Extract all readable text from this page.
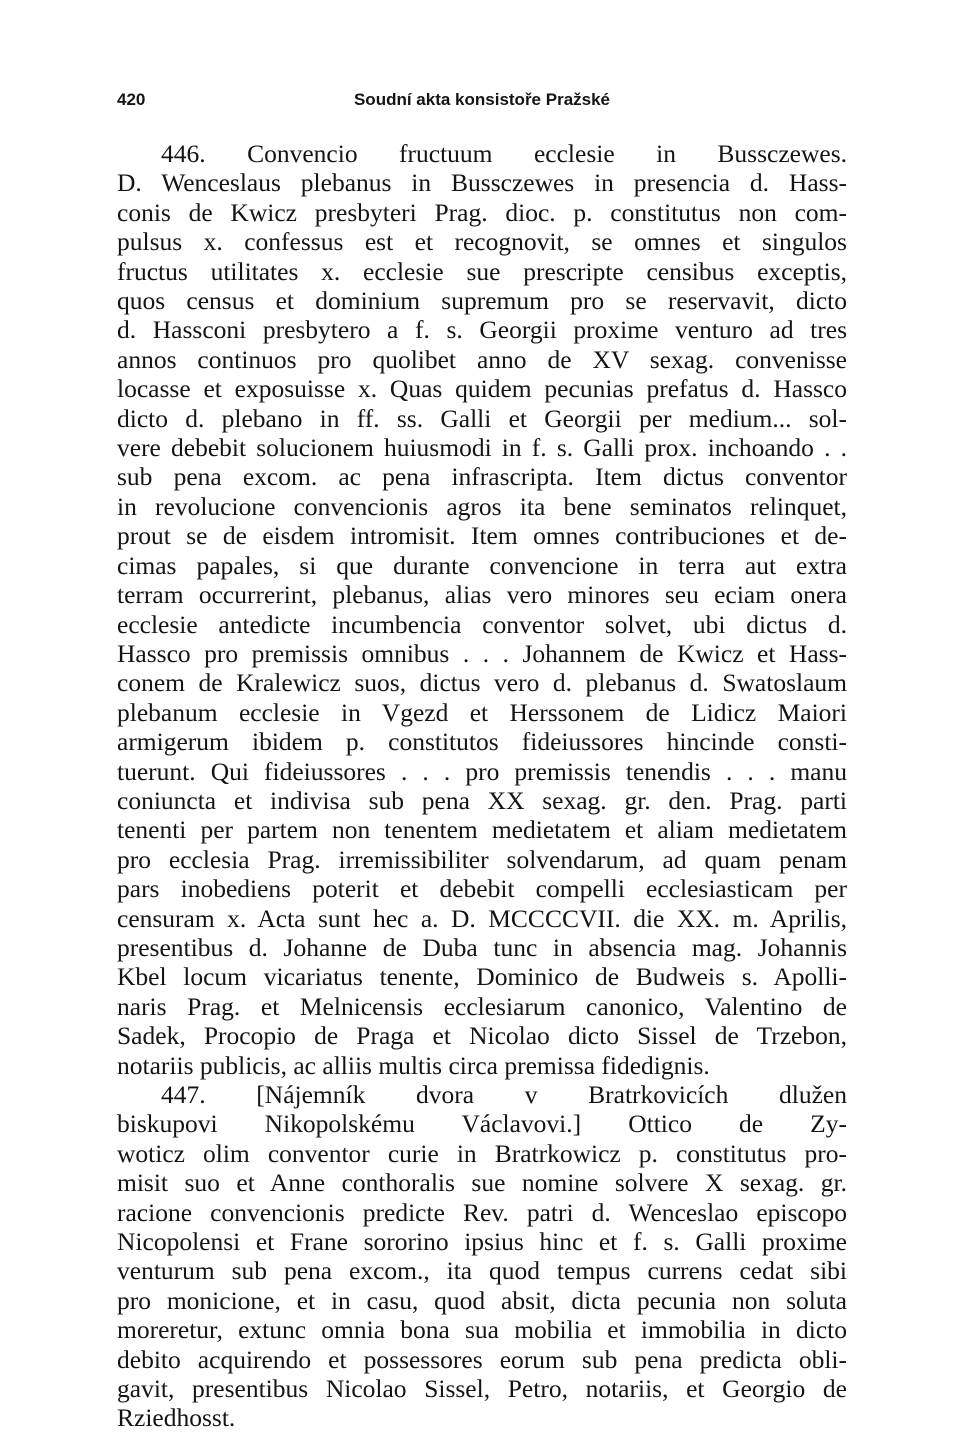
420	Soudní akta konsistoře Pražské
446. Convencio fructuum ecclesie in Bussczewes.
D. Wenceslaus plebanus in Bussczewes in presencia d. Hass-
conis de Kwicz presbyteri Prag. dioc. p. constitutus non com-
pulsus x. confessus est et recognovit, se omnes et singulos
fructus utilitates x. ecclesie sue prescripte censibus exceptis,
quos census et dominium supremum pro se reservavit, dicto
d. Hassconi presbytero a f. s. Georgii proxime venturo ad tres
annos continuos pro quolibet anno de XV sexag. convenisse
locasse et exposuisse x. Quas quidem pecunias prefatus d. Hassco
dicto d. plebano in ff. ss. Galli et Georgii per medium... sol-
vere debebit solucionem huiusmodi in f. s. Galli prox. inchoando . .
sub pena excom. ac pena infrascripta. Item dictus conventor
in revolucione convencionis agros ita bene seminatos relinquet,
prout se de eisdem intromisit. Item omnes contribuciones et de-
cimas papales, si que durante convencione in terra aut extra
terram occurrerint, plebanus, alias vero minores seu eciam onera
ecclesie antedicte incumbencia conventor solvet, ubi dictus d.
Hassco pro premissis omnibus . . . Johannem de Kwicz et Hass-
conem de Kralewicz suos, dictus vero d. plebanus d. Swatoslaum
plebanum ecclesie in Vgezd et Herssonem de Lidicz Maiori
armigerum ibidem p. constitutos fideiussores hincinde consti-
tuerunt. Qui fideiussores . . . pro premissis tenendis . . . manu
coniuncta et indivisa sub pena XX sexag. gr. den. Prag. parti
tenenti per partem non tenentem medietatem et aliam medietatem
pro ecclesia Prag. irremissibiliter solvendarum, ad quam penam
pars inobediens poterit et debebit compelli ecclesiasticam per
censuram x. Acta sunt hec a. D. MCCCCVII. die XX. m. Aprilis,
presentibus d. Johanne de Duba tunc in absencia mag. Johannis
Kbel locum vicariatus tenente, Dominico de Budweis s. Apolli-
naris Prag. et Melnicensis ecclesiarum canonico, Valentino de
Sadek, Procopio de Praga et Nicolao dicto Sissel de Trzebon,
notariis publicis, ac alliis multis circa premissa fidedignis.
447. [Nájemník dvora v Bratrkovicích dlužen
biskupovi Nikopolskému Václavovi.] Ottico de Zy-
woticz olim conventor curie in Bratrkowicz p. constitutus pro-
misit suo et Anne conthoralis sue nomine solvere X sexag. gr.
racione convencionis predicte Rev. patri d. Wenceslao episcopo
Nicopolensi et Frane sororino ipsius hinc et f. s. Galli proxime
venturum sub pena excom., ita quod tempus currens cedat sibi
pro monicione, et in casu, quod absit, dicta pecunia non soluta
moreretur, extunc omnia bona sua mobilia et immobilia in dicto
debito acquirendo et possessores eorum sub pena predicta obli-
gavit, presentibus Nicolao Sissel, Petro, notariis, et Georgio de
Rziedhosst.
